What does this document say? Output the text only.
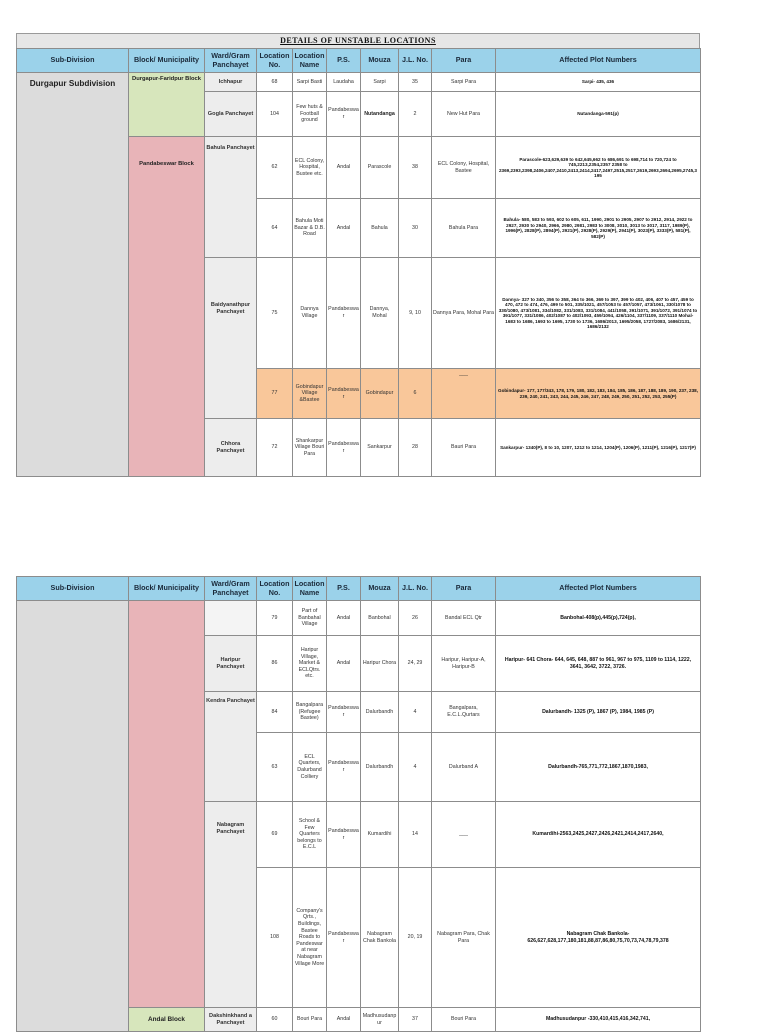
DETAILS OF UNSTABLE LOCATIONS
Sub-Division	Block/ Municipality	Ward/Gram Panchayet	Location No.	Location Name	P.S.	Mouza	J.L. No.	Para	Affected Plot Numbers
Durgapur Subdivision	Durgapur-Faridpur Block	Ichhapur	68	Sarpi Basti	Laudaha	Sarpi	35	Sarpi Para	Sarpi- 435, 436
		Gogla Panchayet	104	Few huts & Football ground	Pandabeswar	Nutandanga	2	New Hut Para	Nutandanga-591(p)
	Pandabeswar Block	Bahula Panchayet	62	ECL Colony, Hospital, Bustee etc.	Andal	Parascole	38	ECL Colony, Hospital, Bastee	Parascole-623,629,639 to 642,645,662 to 686,691 to 698,714 to 720,724 to 745,2213,2354,2357 2358 to 2369,2393,2398,2406,2407,2410,2413,2414,2417,2497,2515,2517,2619,2693,2694,2695,2745,3195
			64	Bahula Moti Bazar & D.B. Road	Andal	Bahula	30	Bahula Para	Bahula- 580, 583 to 593, 602 to 605, 611, 1990, 2901 to 2905, 2907 to 2912, 2914, 2922 to 2927, 2930 to 2940, 2966, 2980, 2981, 2983 to 3008, 3010, 3013 to 3017, 3117, 1989(P), 1996(P), 2828(P), 2894(P), 2921(P), 2928(P), 2929(P), 2941(P), 3023(P), 3333(P), 581(P), 582(P)
		Baidyanathpur Panchayet	75	Dannya Village	Pandabeswar	Dannya, Mohal	9, 10	Dannya Para, Mohal Para	Dannya- 327 to 340, 356 to 358, 364 to 366, 369 to 397, 399 to 402, 406, 407 to 457, 459 to 470, 472 to 474, 476, 499 to 501, 335/1021, 457/1053 to 457/1057, 473/1061, 330/1078 to 330/1080, 473/1081, 334/1082, 331/1083, 331/1084, 441/1058, 391/1071, 391/1072, 391/1074 to 391/1077, 331/1086, 402/1087 to 402/1093, 459/1094, 426/1104, 337/1109, 337/1110 Mohal- 1683 to 1686, 1693 to 1695, 1730 to 1736, 1686/2013, 1695/2058, 1727/2083, 1686/2131, 1686/2132
			77	Gobindapur Village &Bastee	Pandabeswar	Gobindapur	6	___	Gobindapur- 177, 177/343, 178, 179, 180, 182, 183, 184, 185, 186, 187, 188, 189, 190, 237, 238, 239, 240, 241, 243, 244, 245, 246, 247, 248, 249, 250, 251, 252, 253, 255(P)
		Chhora Panchayet	72	Shankarpur Village Bouri Para	Pandabeswar	Sankarpur	28	Bauri Para	Sankarpur- 1340(P), 8 to 10, 1207, 1212 to 1214, 1204(P), 1206(P), 1211(P), 1216(P), 1217(P)
Sub-Division	Block/ Municipality	Ward/Gram Panchayet	Location No.	Location Name	P.S.	Mouza	J.L. No.	Para	Affected Plot Numbers
			79	Part of Banbahal Village	Andal	Banbohal	26	Bandal ECL Qtr	Banbohal-408(p),445(p),724(p),
		Haripur Panchayet	86	Haripur Village, Market & ECLQtrs. etc.	Andal	Haripur Chora	24, 29	Haripur, Haripur-A, Haripur-B	Haripur- 641 Chora- 644, 645, 648, 887 to 961, 967 to 975, 1109 to 1114, 1222, 3641, 3642, 3722, 3726.
		Kendra Panchayet	84	Bangalpara (Refugee Bastee)	Pandabeswar	Dalurbandh	4	Bangalpara, E.C.L.Qurtars	Dalurbandh- 1325 (P), 1867 (P), 1984, 1985 (P)
			63	ECL Quarters, Dalurband Colliery	Pandabeswar	Dalurbandh	4	Dalurband A	Dalurbandh-765,771,772,1867,1870,1983,
		Nabagram Panchayet	69	School & Few Quarters belongs to E.C.L	Pandabeswar	Kumardihi	14	___	Kumardihi-2563,2425,2427,2426,2421,2414,2417,2640,
			108	Company's Qrts., Buildings, Bastee Roads to Pandeswar at near Nabagram Village More	Pandabeswar	Nabagram Chak Bankola	20, 19	Nabagram Para, Chak Para	Nabagram Chak Bankola- 626,627,628,177,180,181,88,87,86,80,75,70,73,74,78,79,378
	Andal Block	Dakshinkhand a Panchayet	60	Bouri Para	Andal	Madhusudanpur	37	Bouri Para	Madhusudanpur -330,410,415,416,342,741,
